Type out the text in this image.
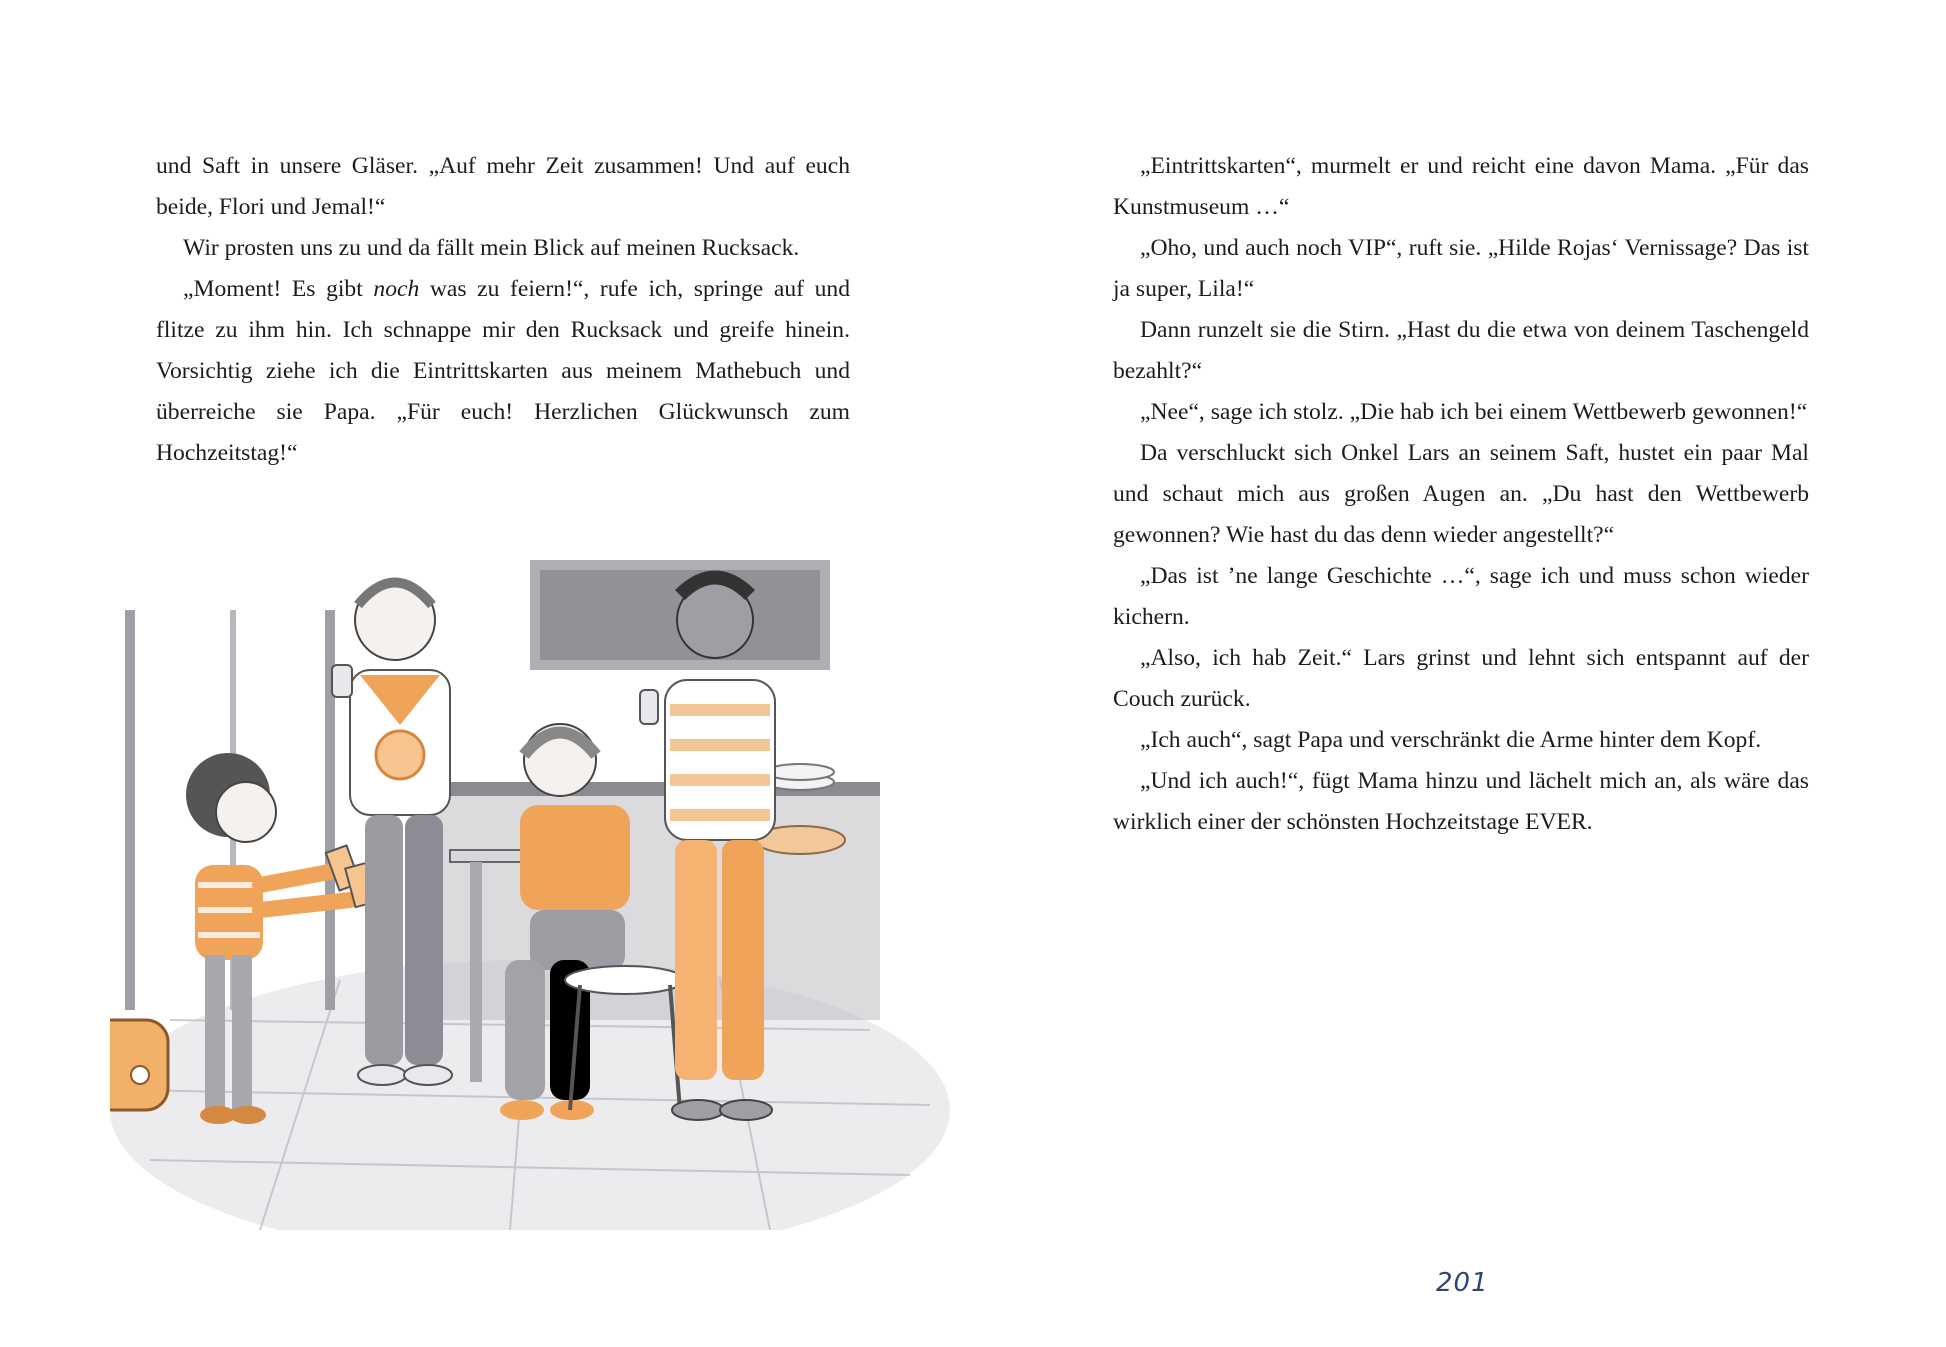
und Saft in unsere Gläser. „Auf mehr Zeit zusammen! Und auf euch beide, Flori und Jemal!“

Wir prosten uns zu und da fällt mein Blick auf meinen Rucksack.

„Moment! Es gibt noch was zu feiern!“, rufe ich, springe auf und flitze zu ihm hin. Ich schnappe mir den Rucksack und greife hinein. Vorsichtig ziehe ich die Eintrittskarten aus meinem Mathebuch und überreiche sie Papa. „Für euch! Herzlichen Glückwunsch zum Hochzeitstag!“

„Eintrittskarten“, murmelt er und reicht eine davon Mama. „Für das Kunstmuseum …“

„Oho, und auch noch VIP“, ruft sie. „Hilde Rojas‘ Vernissage? Das ist ja super, Lila!“

Dann runzelt sie die Stirn. „Hast du die etwa von deinem Taschengeld bezahlt?“

„Nee“, sage ich stolz. „Die hab ich bei einem Wettbewerb gewonnen!“

Da verschluckt sich Onkel Lars an seinem Saft, hustet ein paar Mal und schaut mich aus großen Augen an. „Du hast den Wettbewerb gewonnen? Wie hast du das denn wieder angestellt?“

„Das ist ’ne lange Geschichte …“, sage ich und muss schon wieder kichern.

„Also, ich hab Zeit.“ Lars grinst und lehnt sich entspannt auf der Couch zurück.

„Ich auch“, sagt Papa und verschränkt die Arme hinter dem Kopf.

„Und ich auch!“, fügt Mama hinzu und lächelt mich an, als wäre das wirklich einer der schönsten Hochzeitstage EVER.

201
